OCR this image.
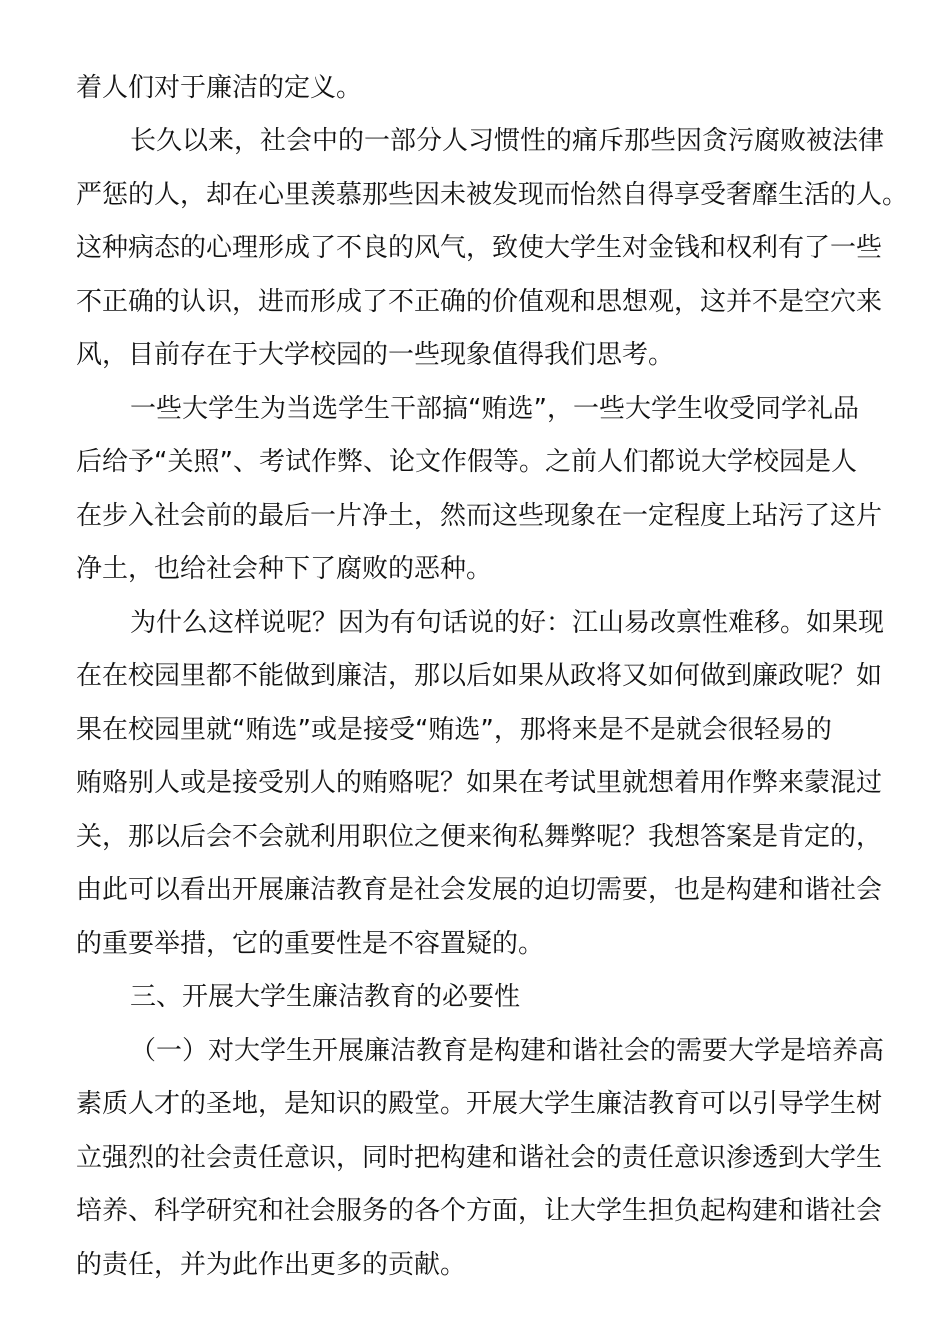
着人们对于廉洁的定义。
长久以来，社会中的一部分人习惯性的痛斥那些因贪污腐败被法律
严惩的人，却在心里羡慕那些因未被发现而怡然自得享受奢靡生活的人。
这种病态的心理形成了不良的风气，致使大学生对金钱和权利有了一些
不正确的认识，进而形成了不正确的价值观和思想观，这并不是空穴来
风，目前存在于大学校园的一些现象值得我们思考。
一些大学生为当选学生干部搞“贿选”，一些大学生收受同学礼品
后给予“关照”、考试作弊、论文作假等。之前人们都说大学校园是人
在步入社会前的最后一片净土，然而这些现象在一定程度上玷污了这片
净土，也给社会种下了腐败的恶种。
为什么这样说呢？因为有句话说的好：江山易改禀性难移。如果现
在在校园里都不能做到廉洁，那以后如果从政将又如何做到廉政呢？如
果在校园里就“贿选”或是接受“贿选”，那将来是不是就会很轻易的
贿赂别人或是接受别人的贿赂呢？如果在考试里就想着用作弊来蒙混过
关，那以后会不会就利用职位之便来徇私舞弊呢？我想答案是肯定的，
由此可以看出开展廉洁教育是社会发展的迫切需要，也是构建和谐社会
的重要举措，它的重要性是不容置疑的。
三、开展大学生廉洁教育的必要性
（一）对大学生开展廉洁教育是构建和谐社会的需要大学是培养高
素质人才的圣地，是知识的殿堂。开展大学生廉洁教育可以引导学生树
立强烈的社会责任意识，同时把构建和谐社会的责任意识渗透到大学生
培养、科学研究和社会服务的各个方面，让大学生担负起构建和谐社会
的责任，并为此作出更多的贡献。
